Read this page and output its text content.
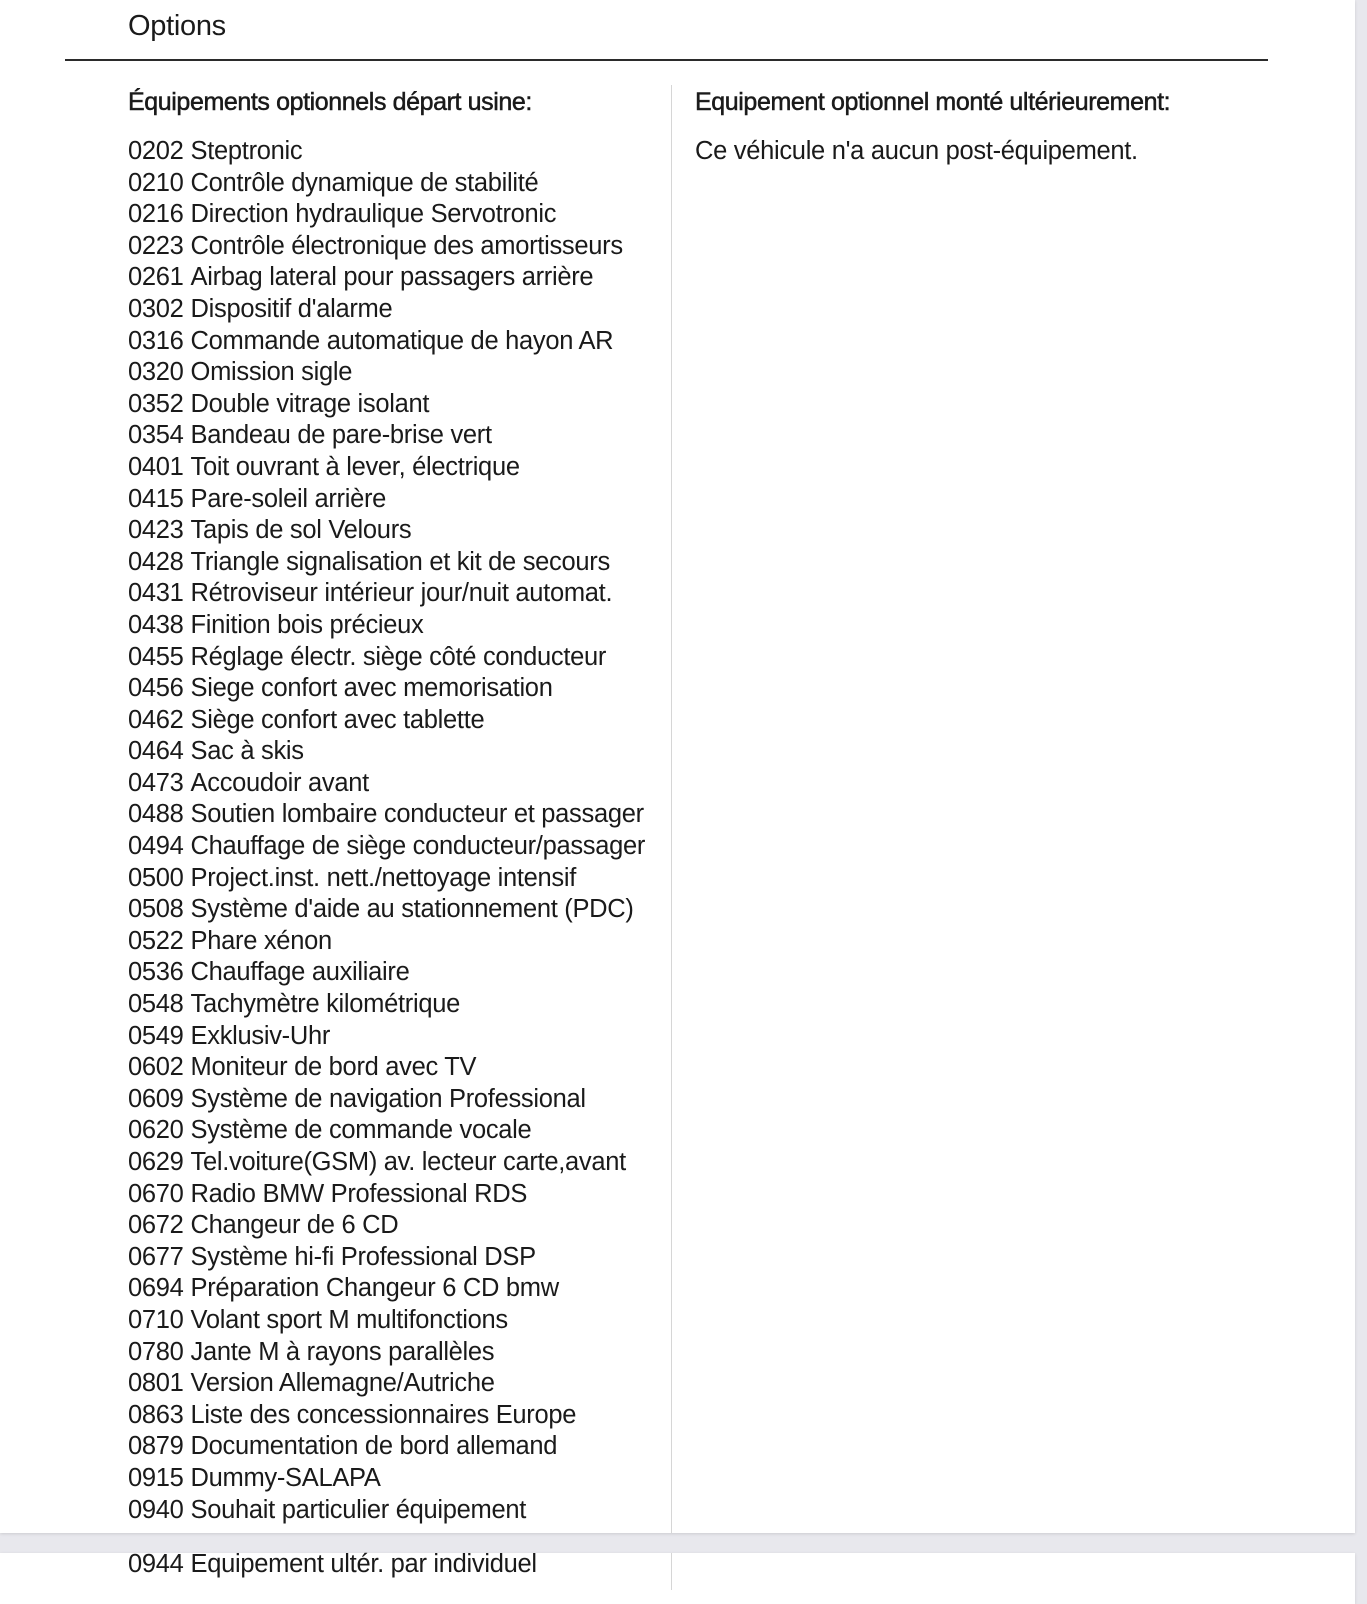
Options
Équipements optionnels départ usine:
0202 Steptronic
0210 Contrôle dynamique de stabilité
0216 Direction hydraulique Servotronic
0223 Contrôle électronique des amortisseurs
0261 Airbag lateral pour passagers arrière
0302 Dispositif d'alarme
0316 Commande automatique de hayon AR
0320 Omission sigle
0352 Double vitrage isolant
0354 Bandeau de pare-brise vert
0401 Toit ouvrant à lever, électrique
0415 Pare-soleil arrière
0423 Tapis de sol Velours
0428 Triangle signalisation et kit de secours
0431 Rétroviseur intérieur jour/nuit automat.
0438 Finition bois précieux
0455 Réglage électr. siège côté conducteur
0456 Siege confort avec memorisation
0462 Siège confort avec tablette
0464 Sac à skis
0473 Accoudoir avant
0488 Soutien lombaire conducteur et passager
0494 Chauffage de siège conducteur/passager
0500 Project.inst. nett./nettoyage intensif
0508 Système d'aide au stationnement (PDC)
0522 Phare xénon
0536 Chauffage auxiliaire
0548 Tachymètre kilométrique
0549 Exklusiv-Uhr
0602 Moniteur de bord avec TV
0609 Système de navigation Professional
0620 Système de commande vocale
0629 Tel.voiture(GSM) av. lecteur carte,avant
0670 Radio BMW Professional RDS
0672 Changeur de 6 CD
0677 Système hi-fi Professional DSP
0694 Préparation Changeur 6 CD bmw
0710 Volant sport M multifonctions
0780 Jante M à rayons parallèles
0801 Version Allemagne/Autriche
0863 Liste des concessionnaires Europe
0879 Documentation de bord allemand
0915 Dummy-SALAPA
0940 Souhait particulier équipement
Equipement optionnel monté ultérieurement:

Ce véhicule n'a aucun post-équipement.

0944 Equipement ultér. par individuel
